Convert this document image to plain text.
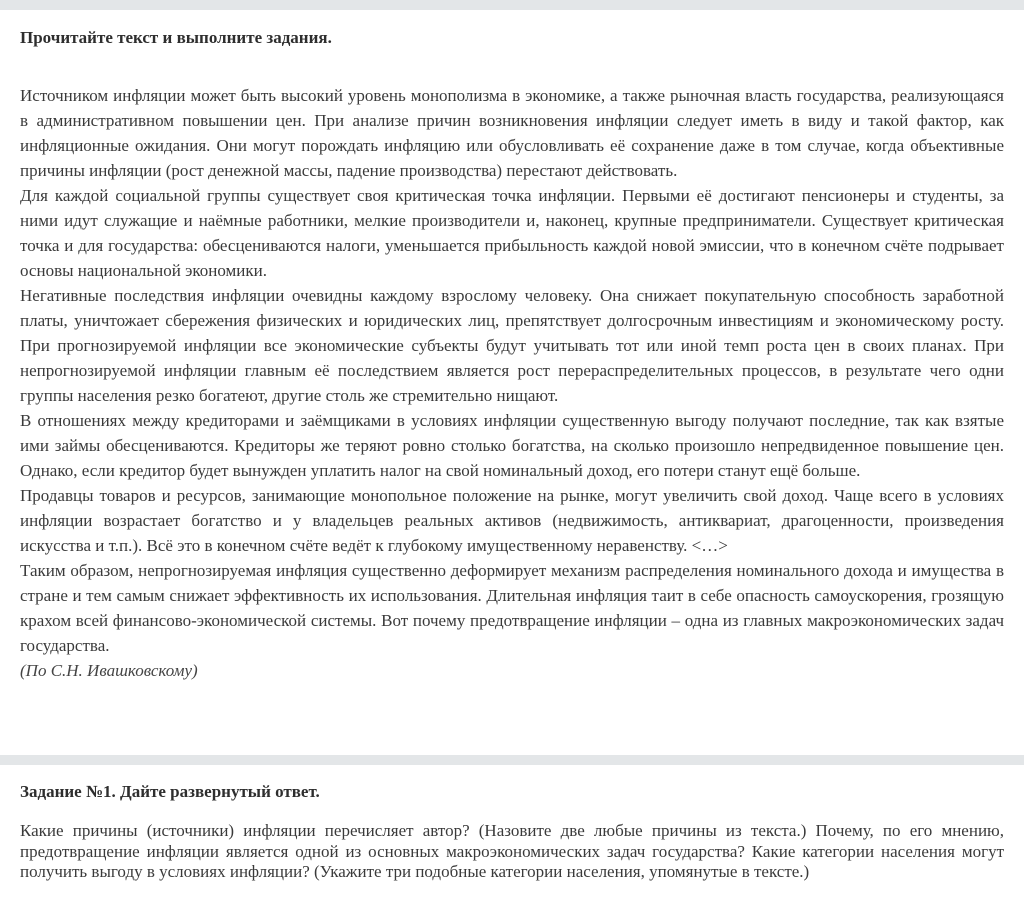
Прочитайте текст и выполните задания.

Источником инфляции может быть высокий уровень монополизма в экономике, а также рыночная власть государства, реализующаяся в административном повышении цен. При анализе причин возникновения инфляции следует иметь в виду и такой фактор, как инфляционные ожидания. Они могут порождать инфляцию или обусловливать её сохранение даже в том случае, когда объективные причины инфляции (рост денежной массы, падение производства) перестают действовать.

Для каждой социальной группы существует своя критическая точка инфляции. Первыми её достигают пенсионеры и студенты, за ними идут служащие и наёмные работники, мелкие производители и, наконец, крупные предприниматели. Существует критическая точка и для государства: обесцениваются налоги, уменьшается прибыльность каждой новой эмиссии, что в конечном счёте подрывает основы национальной экономики.

Негативные последствия инфляции очевидны каждому взрослому человеку. Она снижает покупательную способность заработной платы, уничтожает сбережения физических и юридических лиц, препятствует долгосрочным инвестициям и экономическому росту. При прогнозируемой инфляции все экономические субъекты будут учитывать тот или иной темп роста цен в своих планах. При непрогнозируемой инфляции главным её последствием является рост перераспределительных процессов, в результате чего одни группы населения резко богатеют, другие столь же стремительно нищают.

В отношениях между кредиторами и заёмщиками в условиях инфляции существенную выгоду получают последние, так как взятые ими займы обесцениваются. Кредиторы же теряют ровно столько богатства, на сколько произошло непредвиденное повышение цен. Однако, если кредитор будет вынужден уплатить налог на свой номинальный доход, его потери станут ещё больше.

Продавцы товаров и ресурсов, занимающие монопольное положение на рынке, могут увеличить свой доход. Чаще всего в условиях инфляции возрастает богатство и у владельцев реальных активов (недвижимость, антиквариат, драгоценности, произведения искусства и т.п.). Всё это в конечном счёте ведёт к глубокому имущественному неравенству. <…>

Таким образом, непрогнозируемая инфляция существенно деформирует механизм распределения номинального дохода и имущества в стране и тем самым снижает эффективность их использования. Длительная инфляция таит в себе опасность самоускорения, грозящую крахом всей финансово-экономической системы. Вот почему предотвращение инфляции – одна из главных макроэкономических задач государства.

(По С.Н. Ивашковскому)

Задание №1. Дайте развернутый ответ.

Какие причины (источники) инфляции перечисляет автор? (Назовите две любые причины из текста.) Почему, по его мнению, предотвращение инфляции является одной из основных макроэкономических задач государства? Какие категории населения могут получить выгоду в условиях инфляции? (Укажите три подобные категории населения, упомянутые в тексте.)
